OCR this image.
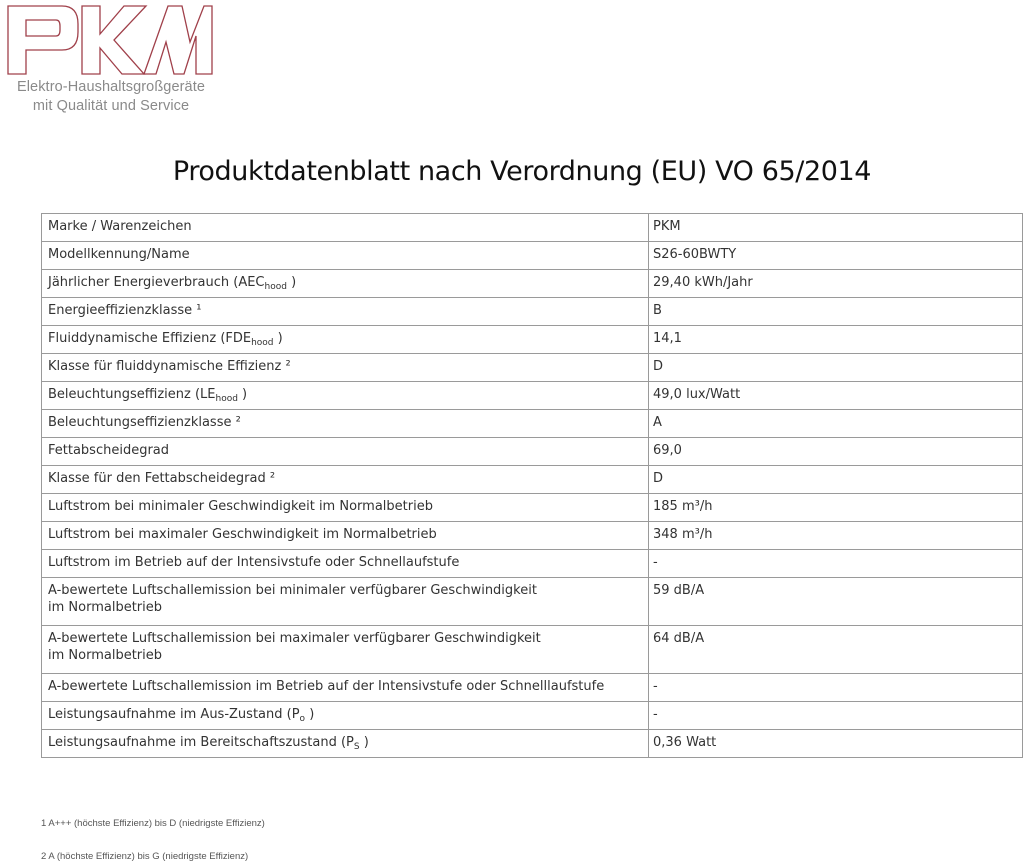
Elektro-Haushaltsgroßgeräte
mit Qualität und Service
Produktdatenblatt nach Verordnung (EU) VO 65/2014
Marke / Warenzeichen	PKM
Modellkennung/Name	S26-60BWTY
Jährlicher Energieverbrauch ($AEC_{hood}$ )	29,40 kWh/Jahr
Energieeffizienzklasse ¹	B
Fluiddynamische Effizienz ($FDE_{hood}$ )	14,1
Klasse für fluiddynamische Effizienz ²	D
Beleuchtungseffizienz ($LE_{hood}$ )	49,0 lux/Watt
Beleuchtungseffizienzklasse ²	A
Fettabscheidegrad	69,0
Klasse für den Fettabscheidegrad ²	D
Luftstrom bei minimaler Geschwindigkeit im Normalbetrieb	185 m³/h
Luftstrom bei maximaler Geschwindigkeit im Normalbetrieb	348 m³/h
Luftstrom im Betrieb auf der Intensivstufe oder Schnellaufstufe	-
A-bewertete Luftschallemission bei minimaler verfügbarer Geschwindigkeit
im Normalbetrieb	59 dB/A
A-bewertete Luftschallemission bei maximaler verfügbarer Geschwindigkeit
im Normalbetrieb	64 dB/A
A-bewertete Luftschallemission im Betrieb auf der Intensivstufe oder Schnelllaufstufe	-
Leistungsaufnahme im Aus-Zustand ($P_o$ )	-
Leistungsaufnahme im Bereitschaftszustand ($P_S$ )	0,36 Watt
1 A+++ (höchste Effizienz) bis D (niedrigste Effizienz)
2 A (höchste Effizienz) bis G (niedrigste Effizienz)
